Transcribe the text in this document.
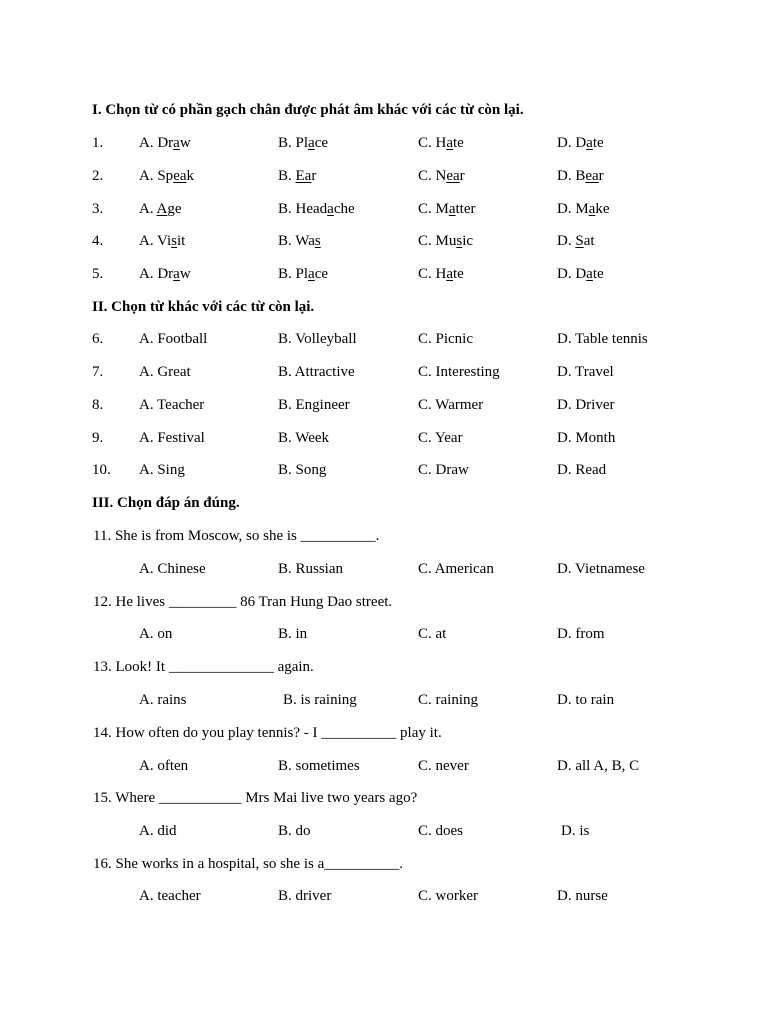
I. Chọn từ có phần gạch chân được phát âm khác với các từ còn lại.
1. A. Draw	B. Place	C. Hate	D. Date
2. A. Speak	B. Ear	C. Near	D. Bear
3. A. Age	B. Headache	C. Matter	D. Make
4. A. Visit	B. Was	C. Music	D. Sat
5. A. Draw	B. Place	C. Hate	D. Date
II. Chọn từ khác với các từ còn lại.
6. A. Football	B. Volleyball	C. Picnic	D. Table tennis
7. A. Great	B. Attractive	C. Interesting	D. Travel
8. A. Teacher	B. Engineer	C. Warmer	D. Driver
9. A. Festival	B. Week	C. Year	D. Month
10. A. Sing	B. Song	C. Draw	D. Read
III. Chọn đáp án đúng.
11. She is from Moscow, so she is __________.
A. Chinese	B. Russian	C. American	D. Vietnamese
12. He lives _________ 86 Tran Hung Dao street.
A. on	B. in	C. at	D. from
13. Look! It ______________ again.
A. rains	B. is raining	C. raining	D. to rain
14. How often do you play tennis? - I __________ play it.
A. often	B. sometimes	C. never	D. all A, B, C
15. Where ___________ Mrs Mai live two years ago?
A. did	B. do	C. does	D. is
16. She works in a hospital, so she is a__________.
A. teacher	B. driver	C. worker	D. nurse
